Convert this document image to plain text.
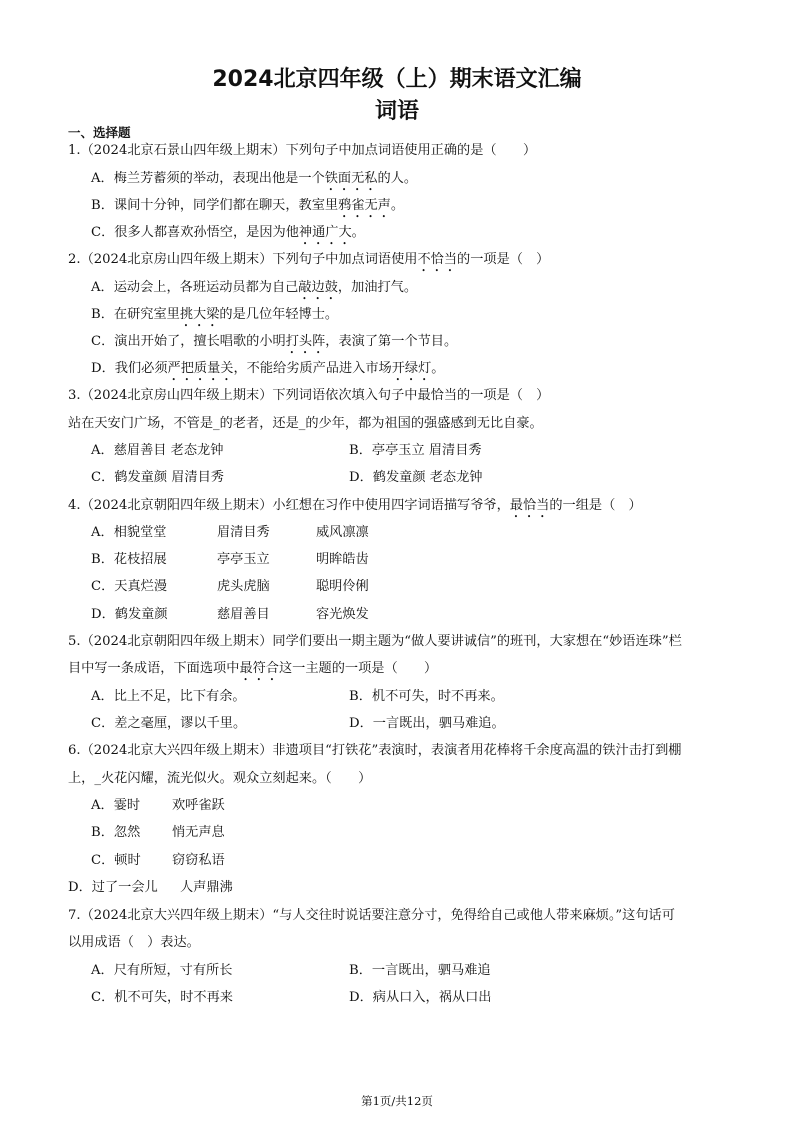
2024北京四年级（上）期末语文汇编
词语
一、选择题
1.（2024北京石景山四年级上期末）下列句子中加点词语使用正确的是（　　）
A．梅兰芳蓄须的举动，表现出他是一个铁面无私的人。
B．课间十分钟，同学们都在聊天，教室里鸦雀无声。
C．很多人都喜欢孙悟空，是因为他神通广大。
2.（2024北京房山四年级上期末）下列句子中加点词语使用不恰当的一项是（　）
A．运动会上，各班运动员都为自己敲边鼓，加油打气。
B．在研究室里挑大梁的是几位年轻博士。
C．演出开始了，擅长唱歌的小明打头阵，表演了第一个节目。
D．我们必须严把质量关，不能给劣质产品进入市场开绿灯。
3.（2024北京房山四年级上期末）下列词语依次填入句子中最恰当的一项是（　）
站在天安门广场，不管是_的老者，还是_的少年，都为祖国的强盛感到无比自豪。
A．慈眉善目 老态龙钟	B．亭亭玉立 眉清目秀
C．鹤发童颜 眉清目秀	D．鹤发童颜 老态龙钟
4.（2024北京朝阳四年级上期末）小红想在习作中使用四字词语描写爷爷，最恰当的一组是（　）
A．相貌堂堂	眉清目秀	威风凛凛
B．花枝招展	亭亭玉立	明眸皓齿
C．天真烂漫	虎头虎脑	聪明伶俐
D．鹤发童颜	慈眉善目	容光焕发
5.（2024北京朝阳四年级上期末）同学们要出一期主题为“做人要讲诚信”的班刊，大家想在“妙语连珠”栏
目中写一条成语，下面选项中最符合这一主题的一项是（　　）
A．比上不足，比下有余。	B．机不可失，时不再来。
C．差之毫厘，谬以千里。	D．一言既出，驷马难追。
6.（2024北京大兴四年级上期末）非遗项目“打铁花”表演时，表演者用花棒将千余度高温的铁汁击打到棚
上，_火花闪耀，流光似火。观众立刻起来。（　　）
A．霎时 欢呼雀跃
B．忽然 悄无声息
C．顿时 窃窃私语
D．过了一会儿 人声鼎沸
7.（2024北京大兴四年级上期末）“与人交往时说话要注意分寸，免得给自己或他人带来麻烦。”这句话可
以用成语（　）表达。
A．尺有所短，寸有所长	B．一言既出，驷马难追
C．机不可失，时不再来	D．病从口入，祸从口出
第1页/共12页
